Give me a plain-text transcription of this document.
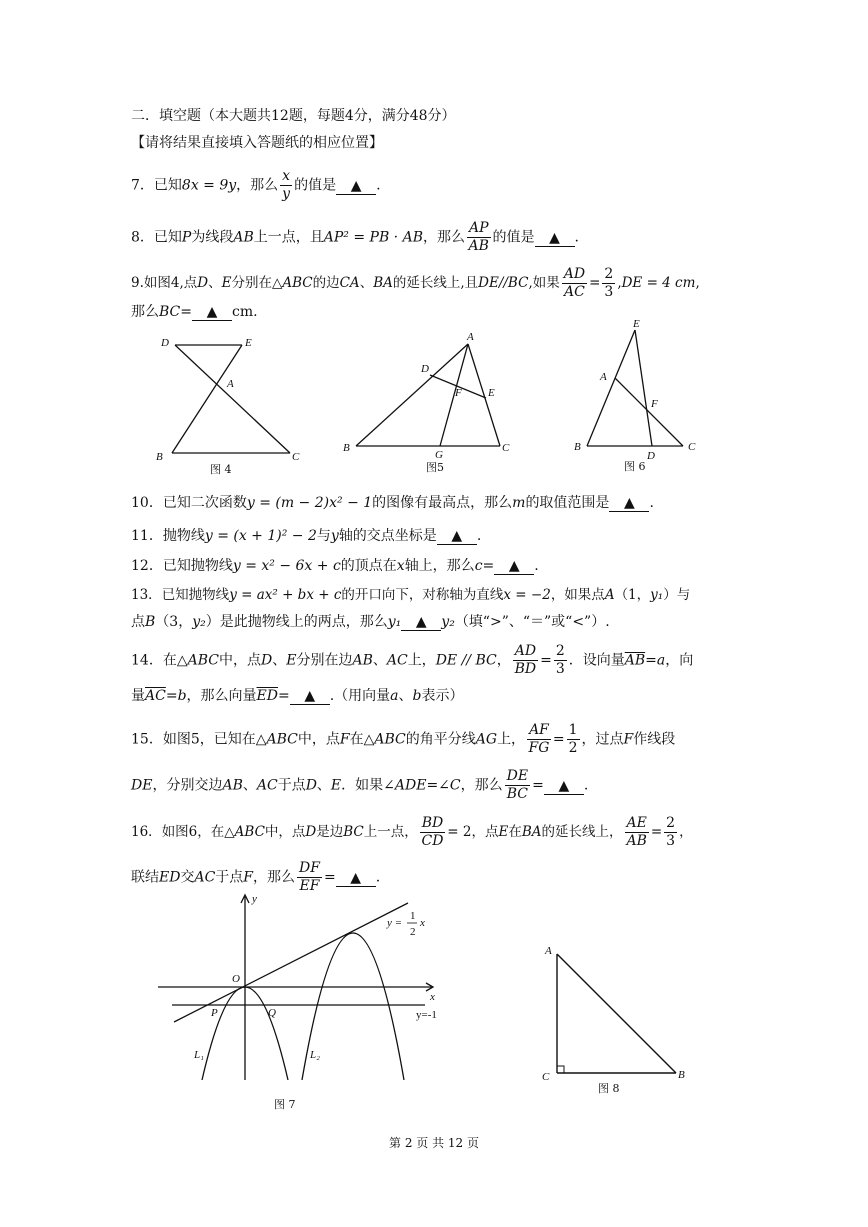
二．填空题（本大题共12题，每题4分，满分48分）
【请将结果直接填入答题纸的相应位置】
7．已知8x = 9y，那么 $\frac{x}{y}$ 的值是 ▲ .
8．已知P为线段AB上一点，且AP² = PB · AB，那么 $\frac{AP}{AB}$ 的值是 ▲ .
9.如图4,点D、E分别在△ABC的边CA、BA的延长线上,且DE//BC,如果 $\frac{AD}{AC} = \frac{2}{3} ,DE = 4$ cm,
那么BC= ▲ cm.
D	E
A
B	C
图 4
A
D
F E
B
G
C
图5
E
A
F
B
D
C
图 6
10．已知二次函数y = (m − 2)x² − 1的图像有最高点，那么m的取值范围是 ▲ .
11．抛物线y = (x + 1)² − 2与y轴的交点坐标是 ▲ .
12．已知抛物线y = x² − 6x + c的顶点在x轴上，那么c= ▲ .
13．已知抛物线y = ax² + bx + c的开口向下，对称轴为直线x = −2，如果点A（1，y₁）与
点B（3，y₂）是此抛物线上的两点，那么y₁ ▲ y₂（填“>”、“＝”或“<”）.
14．在△ABC中，点D、E分别在边AB、AC上，DE // BC， $\frac{AD}{BD} = \frac{2}{3}$ ．设向量$\overline{AB}=a$，向
量$\overline{AC}=b$，那么向量$\overline{ED}=$ ▲ .（用向量a、b表示）
15．如图5，已知在△ABC中，点F在△ABC的角平分线AG上， $\frac{AF}{FG} = \frac{1}{2}$ ，过点F作线段
DE，分别交边AB、AC于点D、E．如果∠ADE=∠C，那么 $\frac{DE}{BC}$ = ▲ .
16．如图6，在△ABC中，点D是边BC上一点， $\frac{BD}{CD} = 2$，点E在BA的延长线上， $\frac{AE}{AB} = \frac{2}{3}$ ，
联结ED交AC于点F，那么 $\frac{DF}{EF}$ = ▲ .
y
x
O
P	Q
L₁	L₂
y =
1
2
x
y=-1
图 7
A
C	B
图 8
第 2 页 共 12 页
